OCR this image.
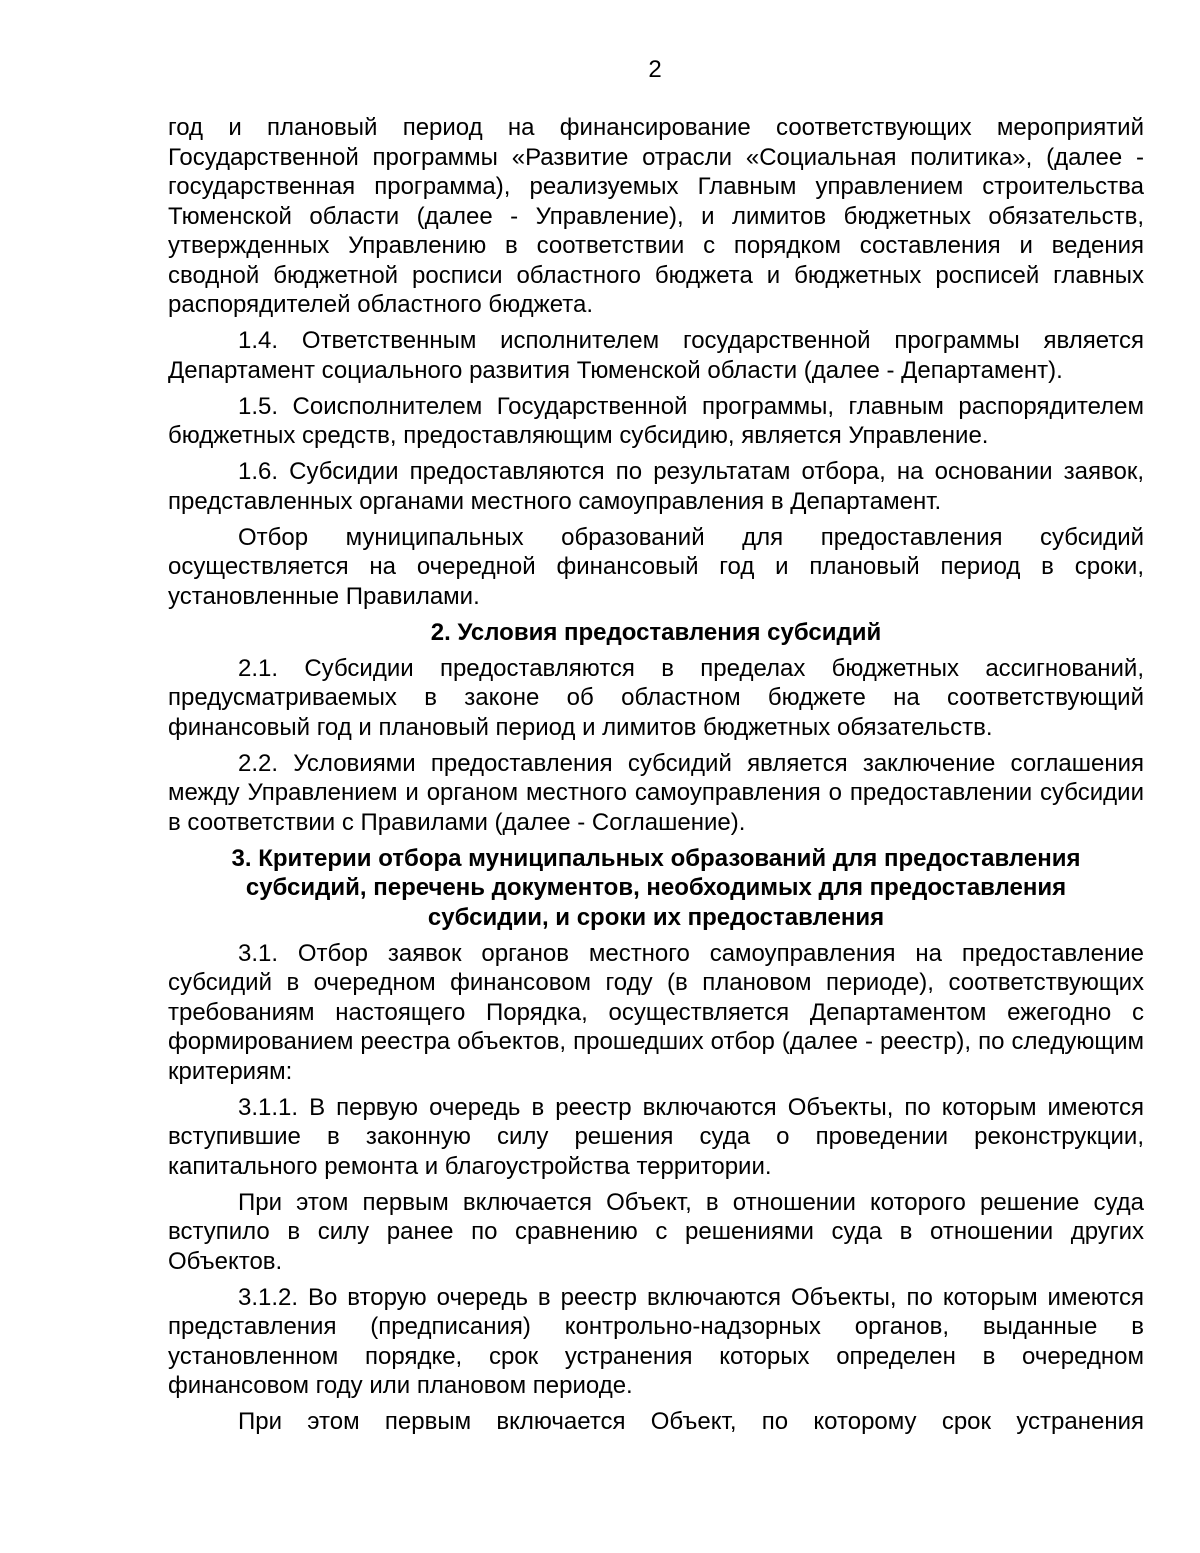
2

год и плановый период на финансирование соответствующих мероприятий Государственной программы «Развитие отрасли «Социальная политика», (далее - государственная программа), реализуемых Главным управлением строительства Тюменской области (далее - Управление), и лимитов бюджетных обязательств, утвержденных Управлению в соответствии с порядком составления и ведения сводной бюджетной росписи областного бюджета и бюджетных росписей главных распорядителей областного бюджета.

1.4. Ответственным исполнителем государственной программы является Департамент социального развития Тюменской области (далее - Департамент).

1.5. Соисполнителем Государственной программы, главным распорядителем бюджетных средств, предоставляющим субсидию, является Управление.

1.6. Субсидии предоставляются по результатам отбора, на основании заявок, представленных органами местного самоуправления в Департамент.

Отбор муниципальных образований для предоставления субсидий осуществляется на очередной финансовый год и плановый период в сроки, установленные Правилами.

2. Условия предоставления субсидий

2.1. Субсидии предоставляются в пределах бюджетных ассигнований, предусматриваемых в законе об областном бюджете на соответствующий финансовый год и плановый период и лимитов бюджетных обязательств.

2.2. Условиями предоставления субсидий является заключение соглашения между Управлением и органом местного самоуправления о предоставлении субсидии в соответствии с Правилами (далее - Соглашение).

3. Критерии отбора муниципальных образований для предоставления субсидий, перечень документов, необходимых для предоставления субсидии, и сроки их предоставления

3.1. Отбор заявок органов местного самоуправления на предоставление субсидий в очередном финансовом году (в плановом периоде), соответствующих требованиям настоящего Порядка, осуществляется Департаментом ежегодно с формированием реестра объектов, прошедших отбор (далее - реестр), по следующим критериям:

3.1.1. В первую очередь в реестр включаются Объекты, по которым имеются вступившие в законную силу решения суда о проведении реконструкции, капитального ремонта и благоустройства территории.

При этом первым включается Объект, в отношении которого решение суда вступило в силу ранее по сравнению с решениями суда в отношении других Объектов.

3.1.2. Во вторую очередь в реестр включаются Объекты, по которым имеются представления (предписания) контрольно-надзорных органов, выданные в установленном порядке, срок устранения которых определен в очередном финансовом году или плановом периоде.

При этом первым включается Объект, по которому срок устранения
